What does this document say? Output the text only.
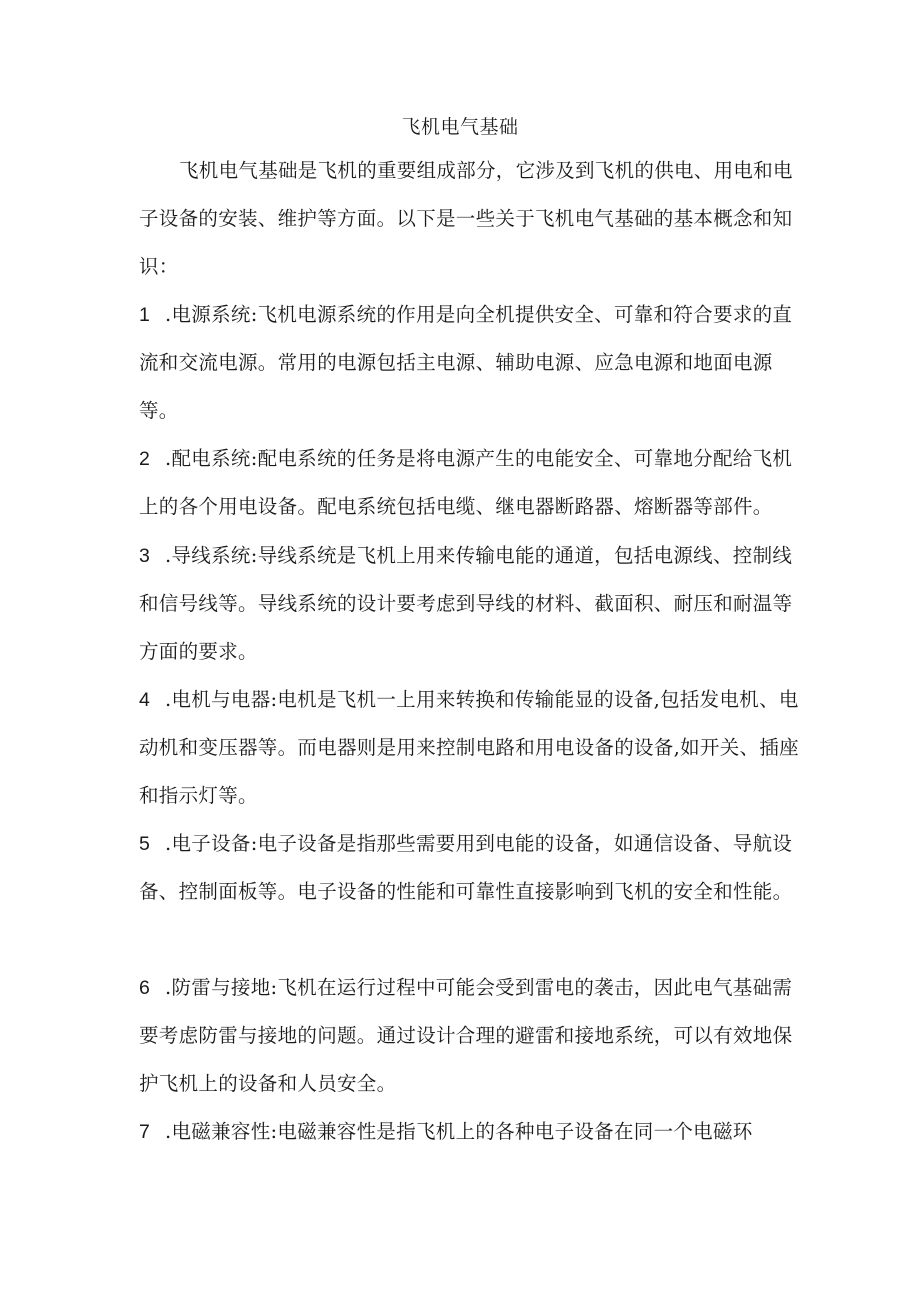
飞机电气基础

飞机电气基础是飞机的重要组成部分，它涉及到飞机的供电、用电和电子设备的安装、维护等方面。以下是一些关于飞机电气基础的基本概念和知识：

1 .电源系统:飞机电源系统的作用是向全机提供安全、可靠和符合要求的直流和交流电源。常用的电源包括主电源、辅助电源、应急电源和地面电源等。

2 .配电系统:配电系统的任务是将电源产生的电能安全、可靠地分配给飞机上的各个用电设备。配电系统包括电缆、继电器断路器、熔断器等部件。

3 .导线系统:导线系统是飞机上用来传输电能的通道，包括电源线、控制线和信号线等。导线系统的设计要考虑到导线的材料、截面积、耐压和耐温等方面的要求。

4 .电机与电器:电机是飞机一上用来转换和传输能显的设备,包括发电机、电动机和变压器等。而电器则是用来控制电路和用电设备的设备,如开关、插座和指示灯等。

5 .电子设备:电子设备是指那些需要用到电能的设备，如通信设备、导航设备、控制面板等。电子设备的性能和可靠性直接影响到飞机的安全和性能。

6 .防雷与接地:飞机在运行过程中可能会受到雷电的袭击，因此电气基础需要考虑防雷与接地的问题。通过设计合理的避雷和接地系统，可以有效地保护飞机上的设备和人员安全。

7 .电磁兼容性:电磁兼容性是指飞机上的各种电子设备在同一个电磁环
